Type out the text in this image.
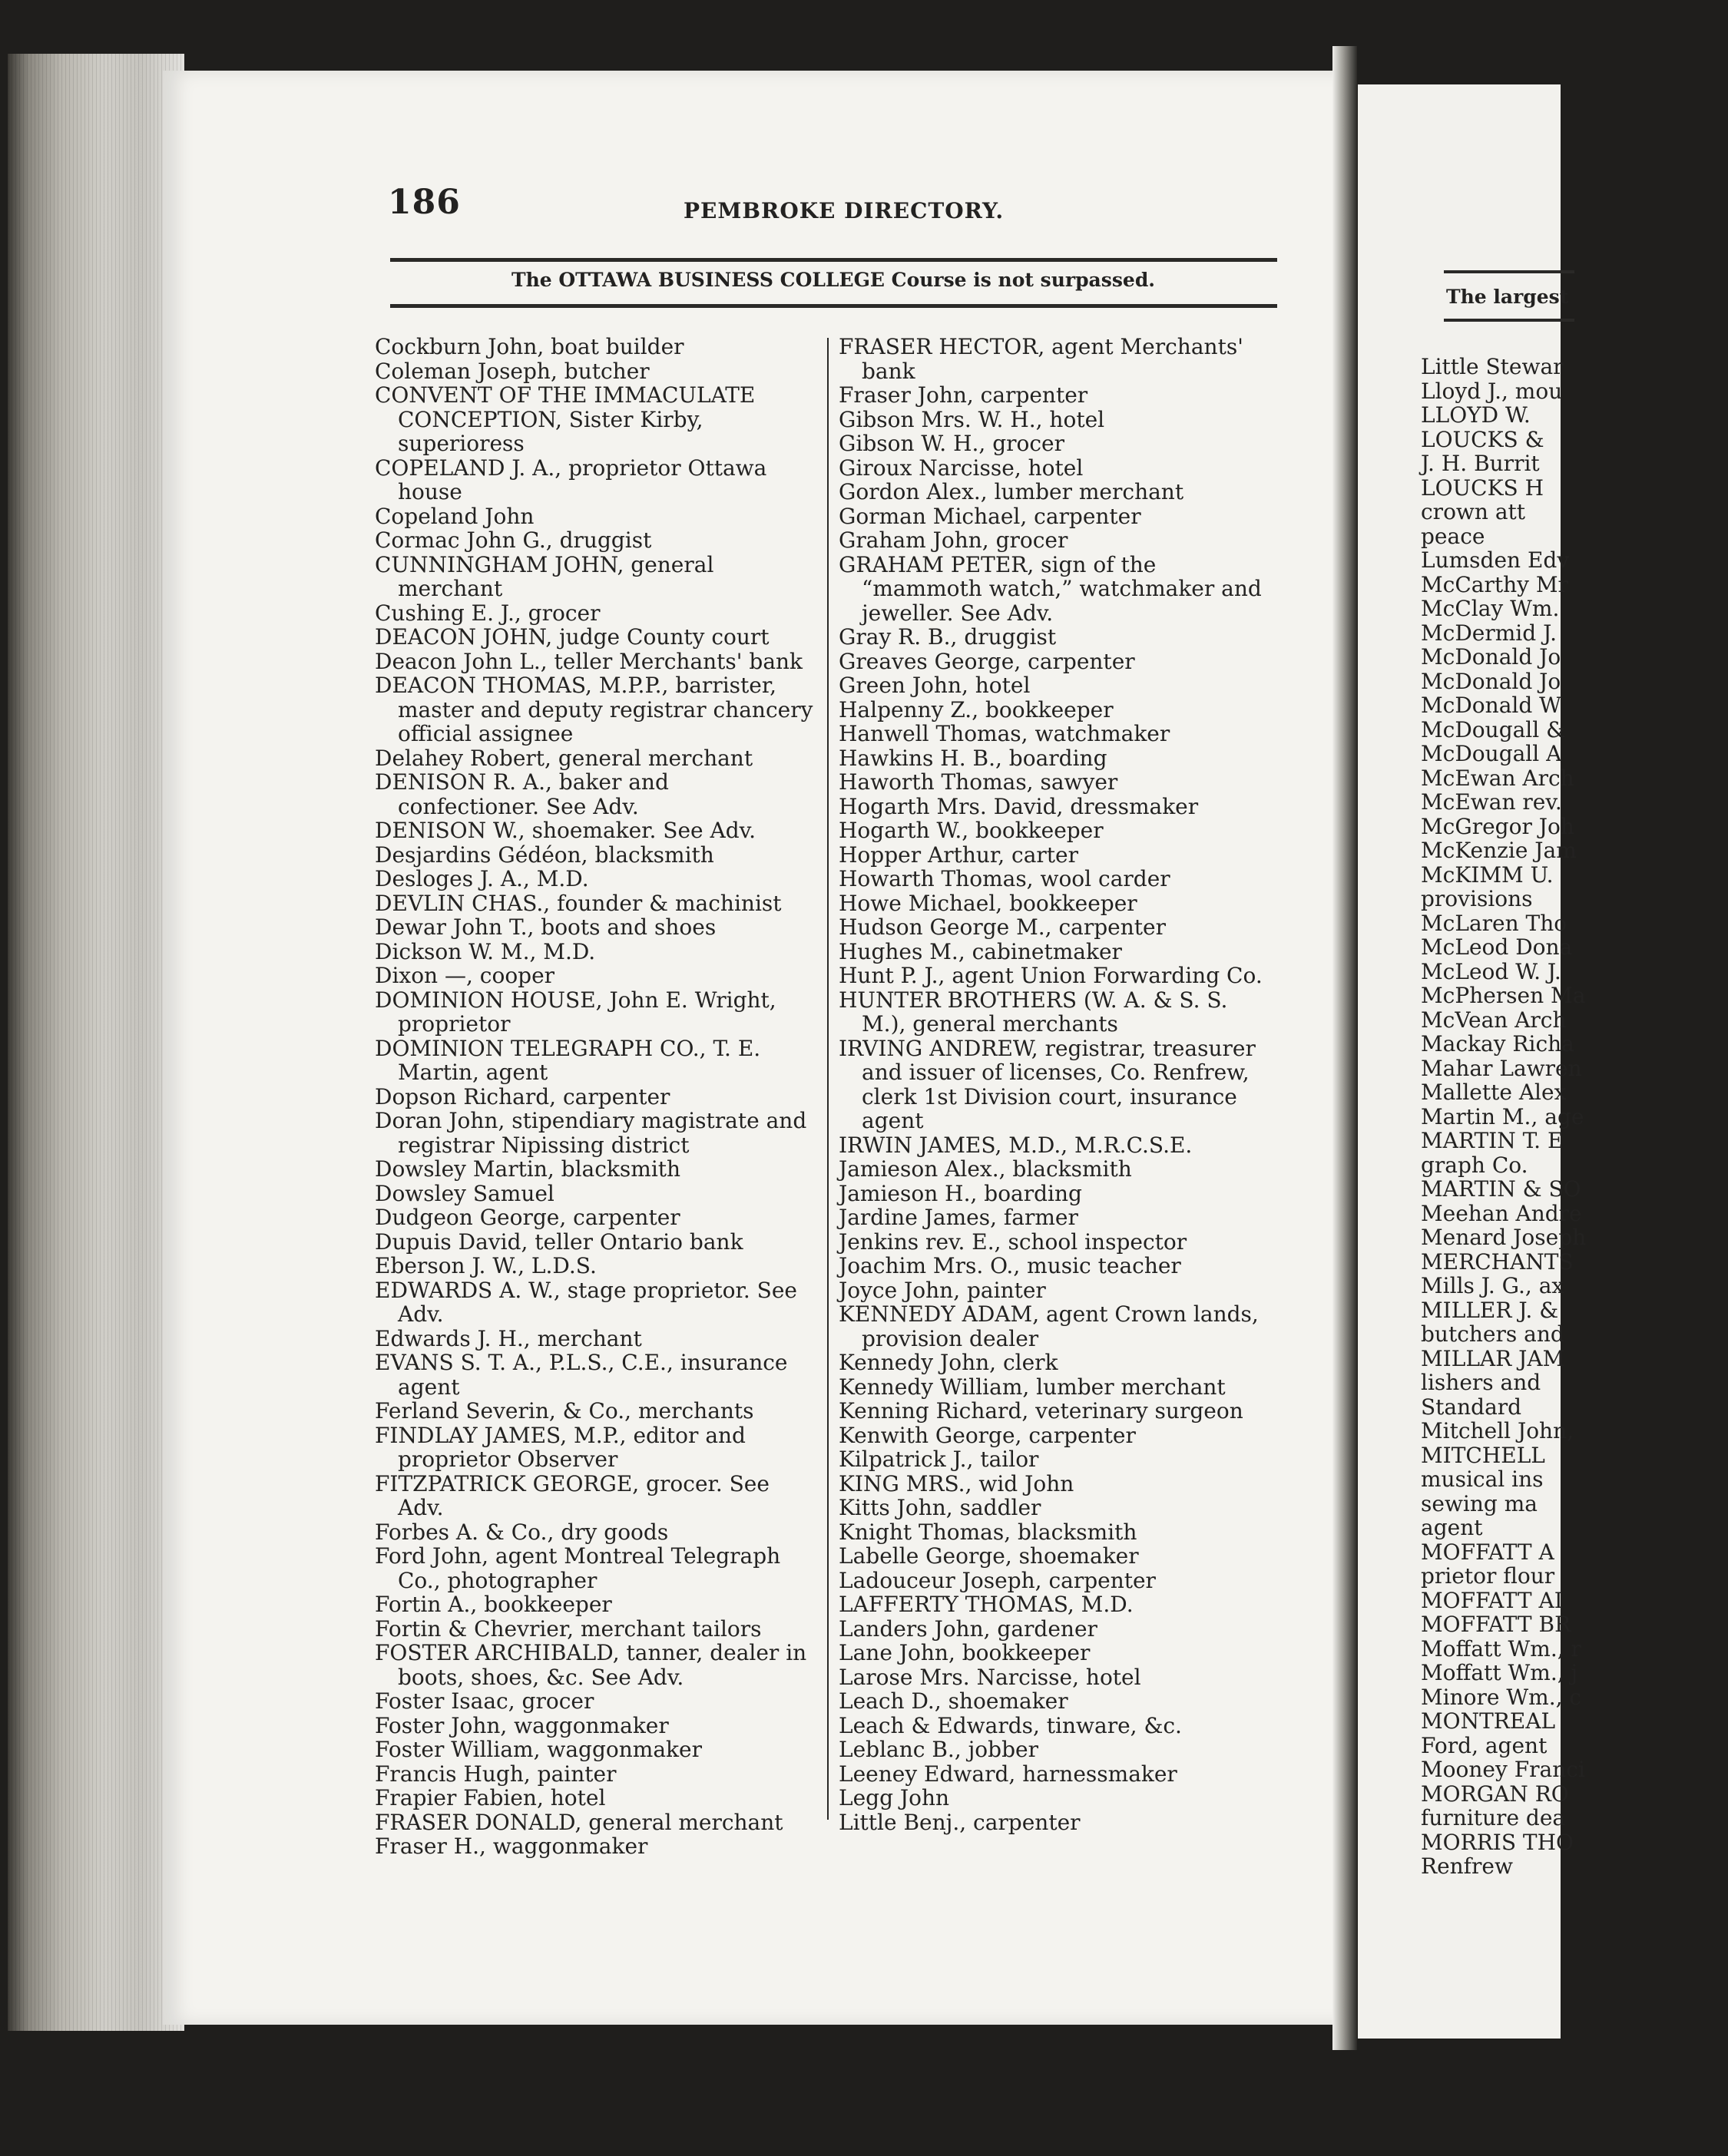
The largest

Little Stewar

Lloyd J., mou

LLOYD W.

LOUCKS &

J. H. Burrit

LOUCKS H

crown att

peace

Lumsden Edv

McCarthy Mr

McClay Wm.

McDermid J.

McDonald Jo

McDonald Jo

McDonald W

McDougall &

McDougall A

McEwan Arch

McEwan rev.

McGregor Joh

McKenzie Jam

McKIMM U.

provisions

McLaren Tho

McLeod Dona

McLeod W. J.

McPhersen Ma

McVean Arch

Mackay Richa

Mahar Lawren

Mallette Alex

Martin M., age

MARTIN T. E

graph Co.

MARTIN & SO

Meehan Andre

Menard Joseph

MERCHANTS

Mills J. G., ax

MILLER J. &

butchers and

MILLAR JAM

lishers and

Standard

Mitchell John,

MITCHELL

musical ins

sewing ma

agent

MOFFATT A

prietor flour

MOFFATT AI

MOFFATT BR

Moffatt Wm., r

Moffatt Wm., j

Minore Wm., c

MONTREAL

Ford, agent

Mooney Franci

MORGAN RO

furniture dea

MORRIS THO

Renfrew

186	PEMBROKE DIRECTORY.
The OTTAWA BUSINESS COLLEGE Course is not surpassed.

Cockburn John, boat builder

Coleman Joseph, butcher

CONVENT OF THE IMMACULATE CONCEPTION, Sister Kirby, superioress

COPELAND J. A., proprietor Ottawa house

Copeland John

Cormac John G., druggist

CUNNINGHAM JOHN, general merchant

Cushing E. J., grocer

DEACON JOHN, judge County court

Deacon John L., teller Merchants' bank

DEACON THOMAS, M.P.P., barrister, master and deputy registrar chancery official assignee

Delahey Robert, general merchant

DENISON R. A., baker and confectioner. See Adv.

DENISON W., shoemaker. See Adv.

Desjardins Gédéon, blacksmith

Desloges J. A., M.D.

DEVLIN CHAS., founder & machinist

Dewar John T., boots and shoes

Dickson W. M., M.D.

Dixon —, cooper

DOMINION HOUSE, John E. Wright, proprietor

DOMINION TELEGRAPH CO., T. E. Martin, agent

Dopson Richard, carpenter

Doran John, stipendiary magistrate and registrar Nipissing district

Dowsley Martin, blacksmith

Dowsley Samuel

Dudgeon George, carpenter

Dupuis David, teller Ontario bank

Eberson J. W., L.D.S.

EDWARDS A. W., stage proprietor. See Adv.

Edwards J. H., merchant

EVANS S. T. A., P.L.S., C.E., insurance agent

Ferland Severin, & Co., merchants

FINDLAY JAMES, M.P., editor and proprietor Observer

FITZPATRICK GEORGE, grocer. See Adv.

Forbes A. & Co., dry goods

Ford John, agent Montreal Telegraph Co., photographer

Fortin A., bookkeeper

Fortin & Chevrier, merchant tailors

FOSTER ARCHIBALD, tanner, dealer in boots, shoes, &c. See Adv.

Foster Isaac, grocer

Foster John, waggonmaker

Foster William, waggonmaker

Francis Hugh, painter

Frapier Fabien, hotel

FRASER DONALD, general merchant

Fraser H., waggonmaker

FRASER HECTOR, agent Merchants' bank

Fraser John, carpenter

Gibson Mrs. W. H., hotel

Gibson W. H., grocer

Giroux Narcisse, hotel

Gordon Alex., lumber merchant

Gorman Michael, carpenter

Graham John, grocer

GRAHAM PETER, sign of the “mammoth watch,” watchmaker and jeweller. See Adv.

Gray R. B., druggist

Greaves George, carpenter

Green John, hotel

Halpenny Z., bookkeeper

Hanwell Thomas, watchmaker

Hawkins H. B., boarding

Haworth Thomas, sawyer

Hogarth Mrs. David, dressmaker

Hogarth W., bookkeeper

Hopper Arthur, carter

Howarth Thomas, wool carder

Howe Michael, bookkeeper

Hudson George M., carpenter

Hughes M., cabinetmaker

Hunt P. J., agent Union Forwarding Co.

HUNTER BROTHERS (W. A. & S. S. M.), general merchants

IRVING ANDREW, registrar, treasurer and issuer of licenses, Co. Renfrew, clerk 1st Division court, insurance agent

IRWIN JAMES, M.D., M.R.C.S.E.

Jamieson Alex., blacksmith

Jamieson H., boarding

Jardine James, farmer

Jenkins rev. E., school inspector

Joachim Mrs. O., music teacher

Joyce John, painter

KENNEDY ADAM, agent Crown lands, provision dealer

Kennedy John, clerk

Kennedy William, lumber merchant

Kenning Richard, veterinary surgeon

Kenwith George, carpenter

Kilpatrick J., tailor

KING MRS., wid John

Kitts John, saddler

Knight Thomas, blacksmith

Labelle George, shoemaker

Ladouceur Joseph, carpenter

LAFFERTY THOMAS, M.D.

Landers John, gardener

Lane John, bookkeeper

Larose Mrs. Narcisse, hotel

Leach D., shoemaker

Leach & Edwards, tinware, &c.

Leblanc B., jobber

Leeney Edward, harnessmaker

Legg John

Little Benj., carpenter
